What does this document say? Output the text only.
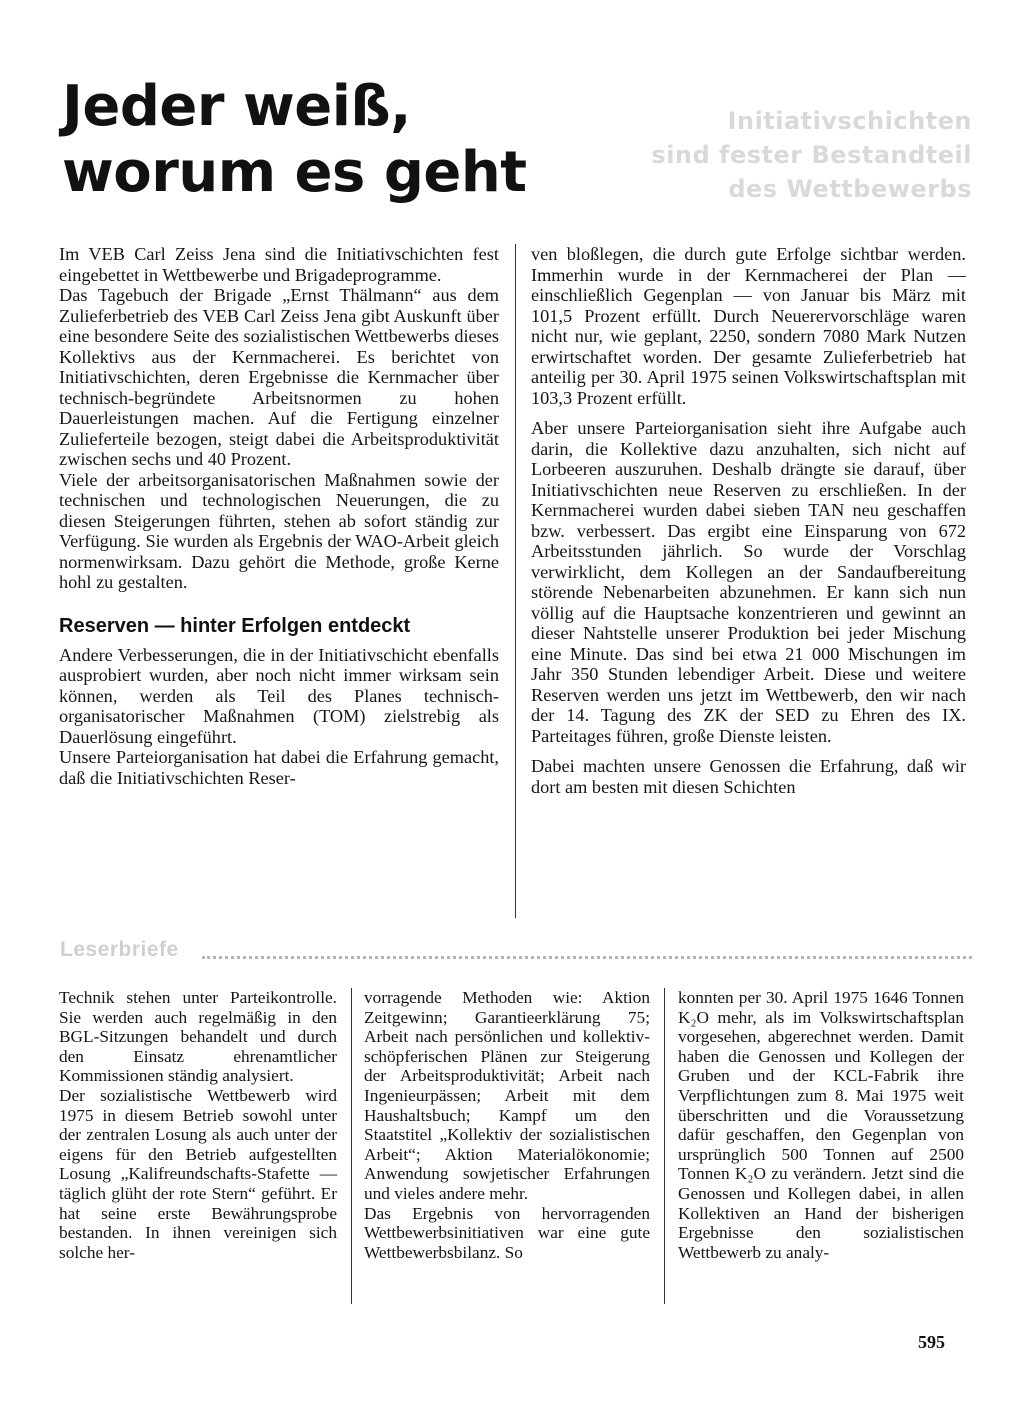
Jeder weiß,
worum es geht
Initiativschichten
sind fester Bestandteil
des Wettbewerbs

Im VEB Carl Zeiss Jena sind die Initiativschichten fest eingebettet in Wettbewerbe und Brigadeprogramme.

Das Tagebuch der Brigade „Ernst Thälmann“ aus dem Zulieferbetrieb des VEB Carl Zeiss Jena gibt Auskunft über eine besondere Seite des sozialistischen Wettbewerbs dieses Kollektivs aus der Kernmacherei. Es berichtet von Initiativschichten, deren Ergebnisse die Kernmacher über technisch-begründete Arbeitsnormen zu hohen Dauerleistungen machen. Auf die Fertigung einzelner Zulieferteile bezogen, steigt dabei die Arbeitsproduktivität zwischen sechs und 40 Prozent.

Viele der arbeitsorganisatorischen Maßnahmen sowie der technischen und technologischen Neuerungen, die zu diesen Steigerungen führten, stehen ab sofort ständig zur Verfügung. Sie wurden als Ergebnis der WAO-Arbeit gleich normenwirksam. Dazu gehört die Methode, große Kerne hohl zu gestalten.

Reserven — hinter Erfolgen entdeckt

Andere Verbesserungen, die in der Initiativschicht ebenfalls ausprobiert wurden, aber noch nicht immer wirksam sein können, werden als Teil des Planes technisch-organisatorischer Maßnahmen (TOM) zielstrebig als Dauerlösung eingeführt.

Unsere Parteiorganisation hat dabei die Erfahrung gemacht, daß die Initiativschichten Reser-

ven bloßlegen, die durch gute Erfolge sichtbar werden. Immerhin wurde in der Kernmacherei der Plan — einschließlich Gegenplan — von Januar bis März mit 101,5 Prozent erfüllt. Durch Neuerervorschläge waren nicht nur, wie geplant, 2250, sondern 7080 Mark Nutzen erwirtschaftet worden. Der gesamte Zulieferbetrieb hat anteilig per 30. April 1975 seinen Volkswirtschaftsplan mit 103,3 Prozent erfüllt.

Aber unsere Parteiorganisation sieht ihre Aufgabe auch darin, die Kollektive dazu anzuhalten, sich nicht auf Lorbeeren auszuruhen. Deshalb drängte sie darauf, über Initiativschichten neue Reserven zu erschließen. In der Kernmacherei wurden dabei sieben TAN neu geschaffen bzw. verbessert. Das ergibt eine Einsparung von 672 Arbeitsstunden jährlich. So wurde der Vorschlag verwirklicht, dem Kollegen an der Sandaufbereitung störende Nebenarbeiten abzunehmen. Er kann sich nun völlig auf die Hauptsache konzentrieren und gewinnt an dieser Nahtstelle unserer Produktion bei jeder Mischung eine Minute. Das sind bei etwa 21 000 Mischungen im Jahr 350 Stunden lebendiger Arbeit. Diese und weitere Reserven werden uns jetzt im Wettbewerb, den wir nach der 14. Tagung des ZK der SED zu Ehren des IX. Parteitages führen, große Dienste leisten.

Dabei machten unsere Genossen die Erfahrung, daß wir dort am besten mit diesen Schichten

Leserbriefe

Technik stehen unter Parteikontrolle. Sie werden auch regelmäßig in den BGL-Sitzungen behandelt und durch den Einsatz ehrenamtlicher Kommissionen ständig analysiert.

Der sozialistische Wettbewerb wird 1975 in diesem Betrieb sowohl unter der zentralen Losung als auch unter der eigens für den Betrieb aufgestellten Losung „Kalifreundschafts-Stafette — täglich glüht der rote Stern“ geführt. Er hat seine erste Bewährungsprobe bestanden. In ihnen vereinigen sich solche her-

vorragende Methoden wie: Aktion Zeitgewinn; Garantieerklärung 75; Arbeit nach persönlichen und kollektiv-schöpferischen Plänen zur Steigerung der Arbeitsproduktivität; Arbeit nach Ingenieurpässen; Arbeit mit dem Haushaltsbuch; Kampf um den Staatstitel „Kollektiv der sozialistischen Arbeit“; Aktion Materialökonomie; Anwendung sowjetischer Erfahrungen und vieles andere mehr.

Das Ergebnis von hervorragenden Wettbewerbsinitiativen war eine gute Wettbewerbsbilanz. So

konnten per 30. April 1975 1646 Tonnen K₂O mehr, als im Volkswirtschaftsplan vorgesehen, abgerechnet werden. Damit haben die Genossen und Kollegen der Gruben und der KCL-Fabrik ihre Verpflichtungen zum 8. Mai 1975 weit überschritten und die Voraussetzung dafür geschaffen, den Gegenplan von ursprünglich 500 Tonnen auf 2500 Tonnen K₂O zu verändern. Jetzt sind die Genossen und Kollegen dabei, in allen Kollektiven an Hand der bisherigen Ergebnisse den sozialistischen Wettbewerb zu analy-

595
